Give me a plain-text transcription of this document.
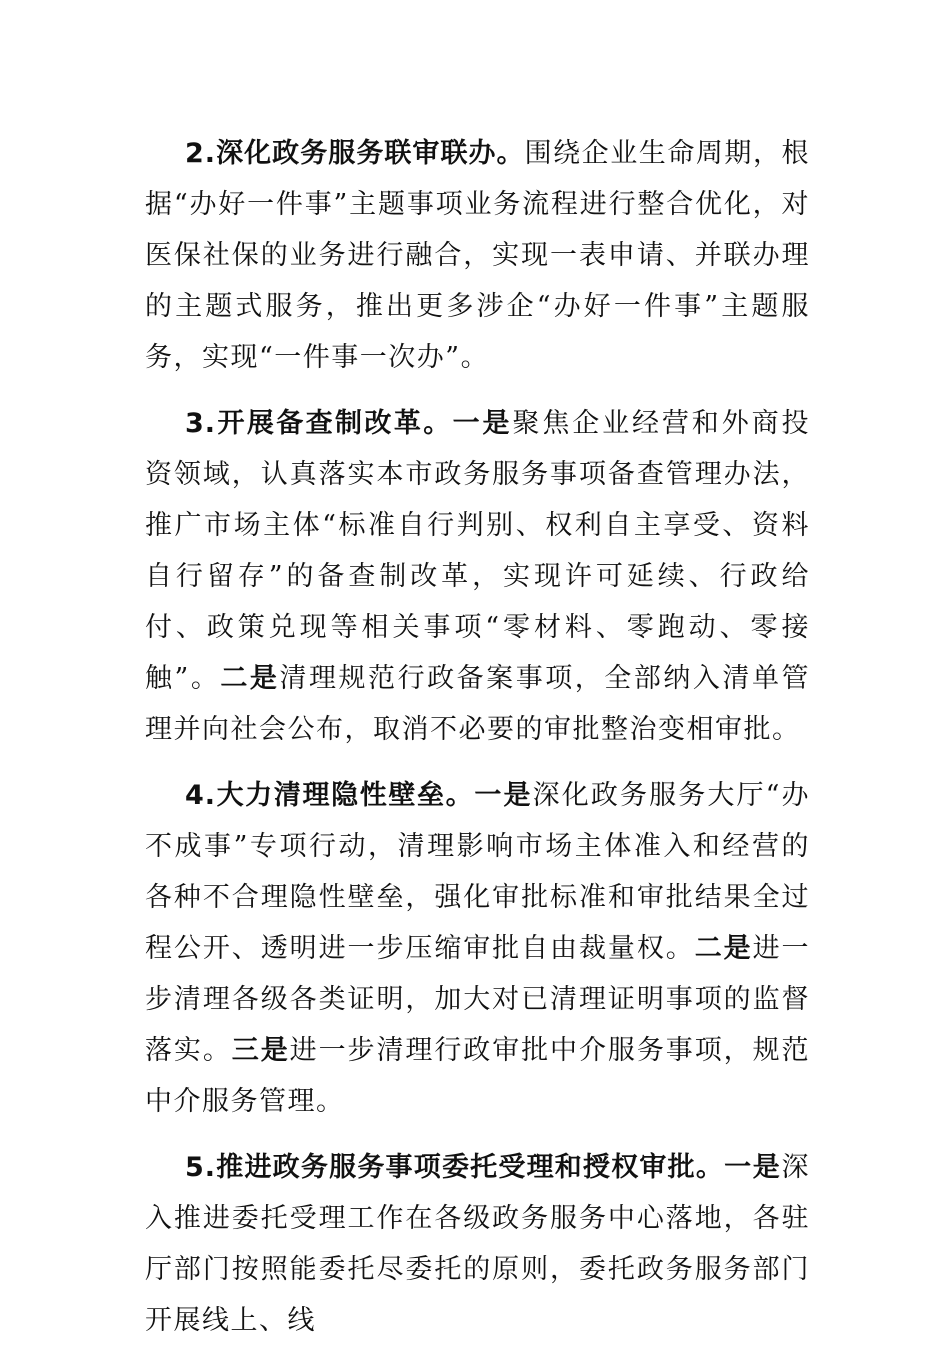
2.深化政务服务联审联办。围绕企业生命周期，根据“办好一件事”主题事项业务流程进行整合优化，对医保社保的业务进行融合，实现一表申请、并联办理的主题式服务，推出更多涉企“办好一件事”主题服务，实现“一件事一次办”。

3.开展备查制改革。一是聚焦企业经营和外商投资领域，认真落实本市政务服务事项备查管理办法，推广市场主体“标准自行判别、权利自主享受、资料自行留存”的备查制改革，实现许可延续、行政给付、政策兑现等相关事项“零材料、零跑动、零接触”。二是清理规范行政备案事项，全部纳入清单管理并向社会公布，取消不必要的审批整治变相审批。

4.大力清理隐性壁垒。一是深化政务服务大厅“办不成事”专项行动，清理影响市场主体准入和经营的各种不合理隐性壁垒，强化审批标准和审批结果全过程公开、透明进一步压缩审批自由裁量权。二是进一步清理各级各类证明，加大对已清理证明事项的监督落实。三是进一步清理行政审批中介服务事项，规范中介服务管理。

5.推进政务服务事项委托受理和授权审批。一是深入推进委托受理工作在各级政务服务中心落地，各驻厅部门按照能委托尽委托的原则，委托政务服务部门开展线上、线
